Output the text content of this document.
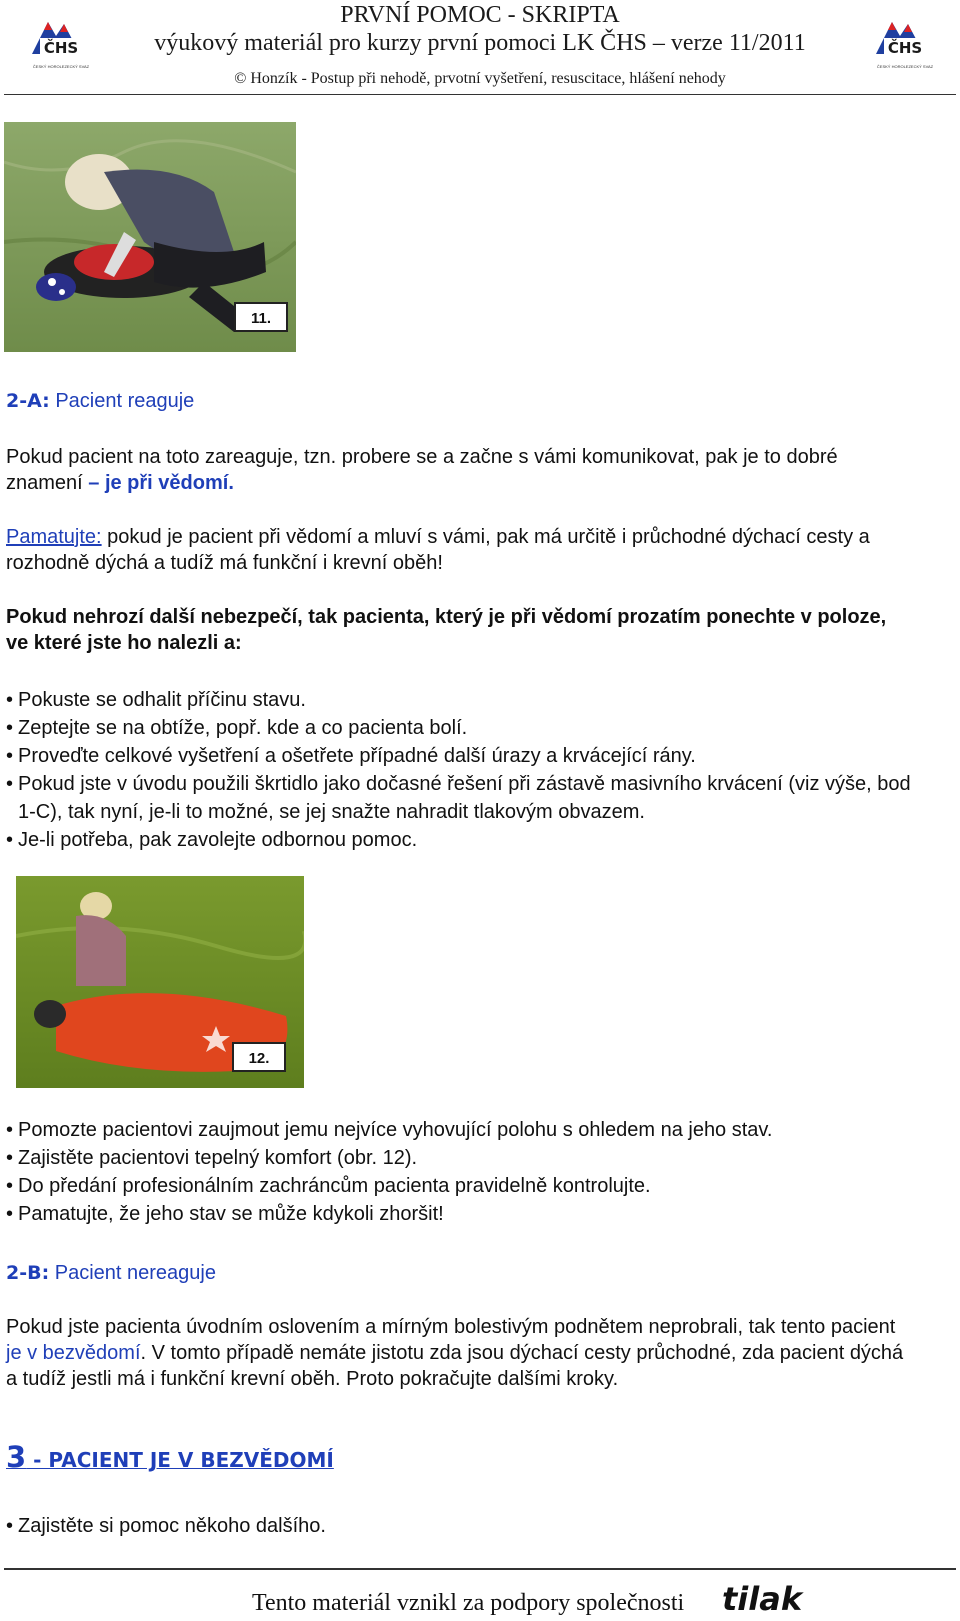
ČHS
ČESKÝ HOROLEZECKÝ SVAZ
PRVNÍ POMOC - SKRIPTA
výukový materiál pro kurzy první pomoci LK ČHS – verze 11/2011
© Honzík - Postup při nehodě, prvotní vyšetření, resuscitace, hlášení nehody
ČHS
ČESKÝ HOROLEZECKÝ SVAZ
11.
2-A: Pacient reaguje
Pokud pacient na toto zareaguje, tzn. probere se a začne s vámi komunikovat, pak je to dobré znamení – je při vědomí.
Pamatujte: pokud je pacient při vědomí a mluví s vámi, pak má určitě i průchodné dýchací cesty a rozhodně dýchá a tudíž má funkční i krevní oběh!
Pokud nehrozí další nebezpečí, tak pacienta, který je při vědomí prozatím ponechte v poloze, ve které jste ho nalezli a:
• Pokuste se odhalit příčinu stavu.
• Zeptejte se na obtíže, popř. kde a co pacienta bolí.
• Proveďte celkové vyšetření a ošetřete případné další úrazy a krvácející rány.
• Pokud jste v úvodu použili škrtidlo jako dočasné řešení při zástavě masivního krvácení (viz výše, bod 1-C), tak nyní, je-li to možné, se jej snažte nahradit tlakovým obvazem.
• Je-li potřeba, pak zavolejte odbornou pomoc.
12.
• Pomozte pacientovi zaujmout jemu nejvíce vyhovující polohu s ohledem na jeho stav.
• Zajistěte pacientovi tepelný komfort (obr. 12).
• Do předání profesionálním zachráncům pacienta pravidelně kontrolujte.
• Pamatujte, že jeho stav se může kdykoli zhoršit!
2-B: Pacient nereaguje
Pokud jste pacienta úvodním oslovením a mírným bolestivým podnětem neprobrali, tak tento pacient je v bezvědomí. V tomto případě nemáte jistotu zda jsou dýchací cesty průchodné, zda pacient dýchá a tudíž jestli má i funkční krevní oběh. Proto pokračujte dalšími kroky.
3 - PACIENT JE V BEZVĚDOMÍ
• Zajistěte si pomoc někoho dalšího.
Tento materiál vznikl za podpory společnosti tilak
